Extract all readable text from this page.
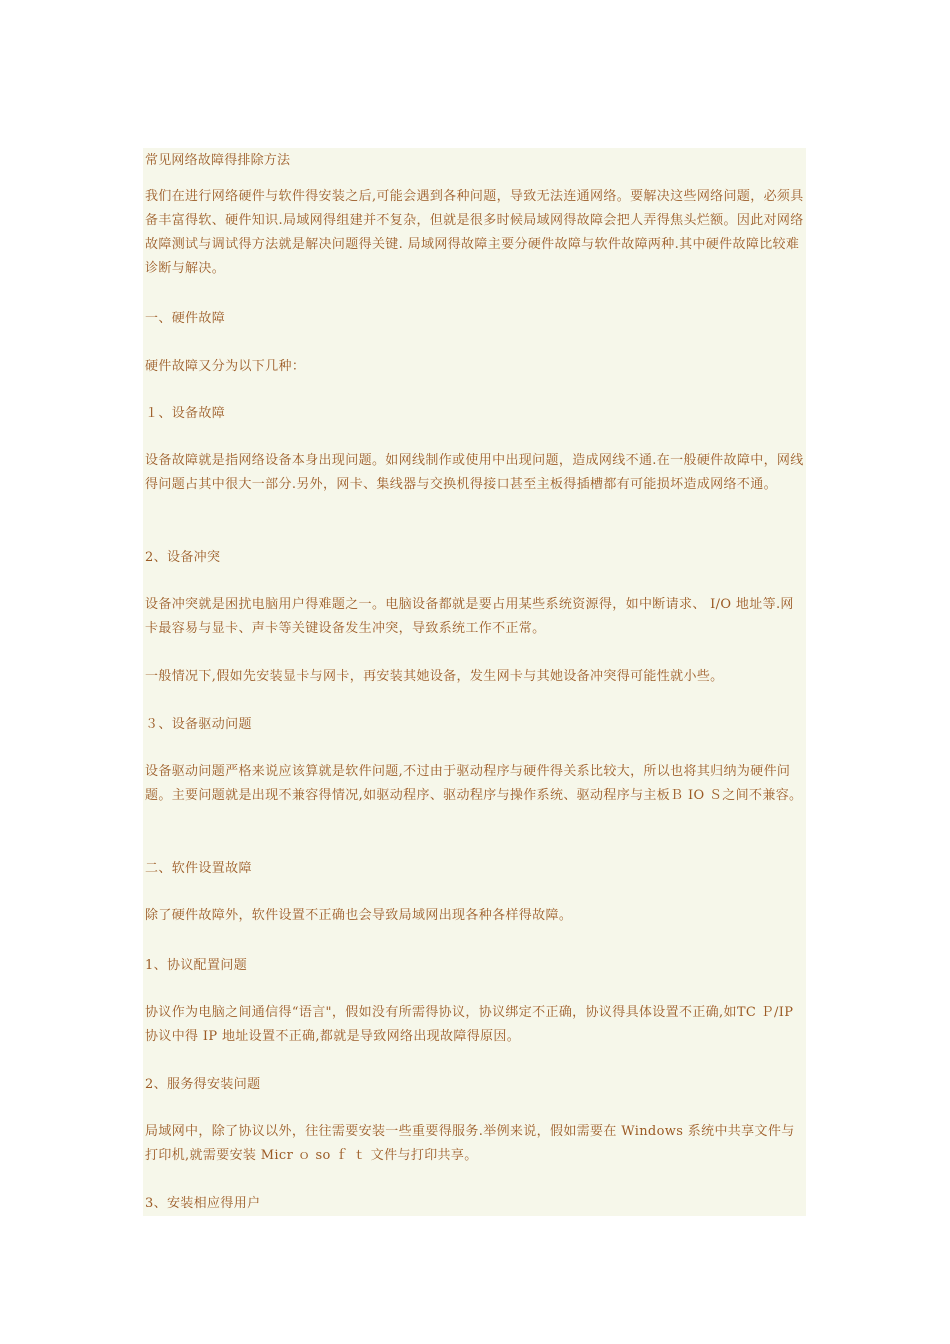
常见网络故障得排除方法

我们在进行网络硬件与软件得安装之后,可能会遇到各种问题，导致无法连通网络。要解决这些网络问题，必须具备丰富得软、硬件知识.局域网得组建并不复杂，但就是很多时候局域网得故障会把人弄得焦头烂额。因此对网络故障测试与调试得方法就是解决问题得关键. 局域网得故障主要分硬件故障与软件故障两种.其中硬件故障比较难诊断与解决。

一、硬件故障

硬件故障又分为以下几种：

１、设备故障

设备故障就是指网络设备本身出现问题。如网线制作或使用中出现问题，造成网线不通.在一般硬件故障中，网线得问题占其中很大一部分.另外，网卡、集线器与交换机得接口甚至主板得插槽都有可能损坏造成网络不通。

2、设备冲突

设备冲突就是困扰电脑用户得难题之一。电脑设备都就是要占用某些系统资源得，如中断请求、 I/O 地址等.网卡最容易与显卡、声卡等关键设备发生冲突，导致系统工作不正常。

一般情况下,假如先安装显卡与网卡，再安装其她设备，发生网卡与其她设备冲突得可能性就小些。

３、设备驱动问题

设备驱动问题严格来说应该算就是软件问题,不过由于驱动程序与硬件得关系比较大，所以也将其归纳为硬件问题。主要问题就是出现不兼容得情况,如驱动程序、驱动程序与操作系统、驱动程序与主板Ｂ IO Ｓ之间不兼容。

二、软件设置故障

除了硬件故障外，软件设置不正确也会导致局域网出现各种各样得故障。

1、协议配置问题

协议作为电脑之间通信得“语言"，假如没有所需得协议，协议绑定不正确，协议得具体设置不正确,如TC Ｐ/IP 协议中得 IP 地址设置不正确,都就是导致网络出现故障得原因。

2、服务得安装问题

局域网中，除了协议以外，往往需要安装一些重要得服务.举例来说，假如需要在 Windows 系统中共享文件与打印机,就需要安装 Micr ｏ so ｆ ｔ 文件与打印共享。

3、安装相应得用户
